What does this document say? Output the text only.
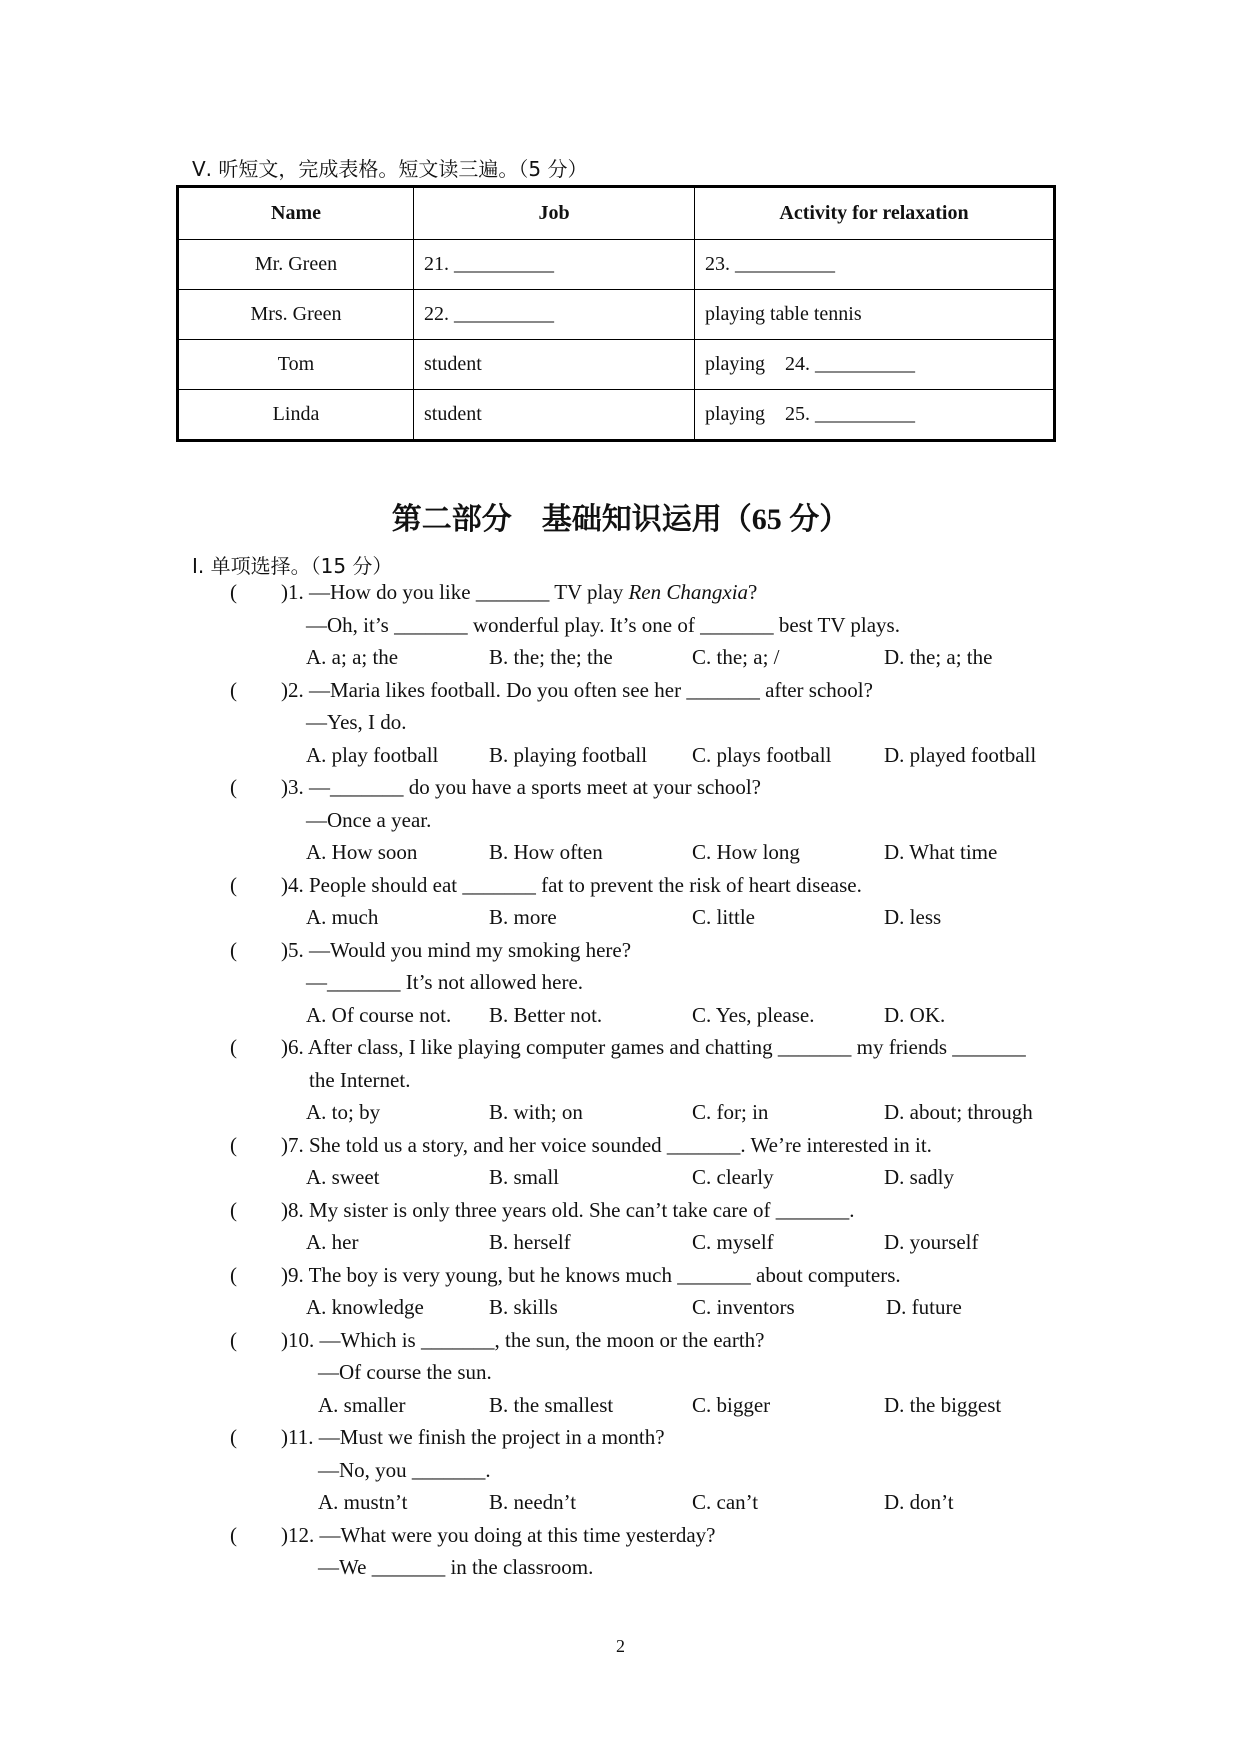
Ⅴ. 听短文，完成表格。短文读三遍。（5 分）
Name	Job	Activity for relaxation
Mr. Green	21. __________	23. __________
Mrs. Green	22. __________	playing table tennis
Tom	student	playing    24. __________
Linda	student	playing    25. __________
第二部分　基础知识运用（65 分）
Ⅰ. 单项选择。（15 分）
( )1. —How do you like _______ TV play Ren Changxia?
—Oh, it’s _______ wonderful play. It’s one of _______ best TV plays.
A. a; a; the	B. the; the; the	C. the; a; /	D. the; a; the
( )2. —Maria likes football. Do you often see her _______ after school?
—Yes, I do.
A. play football B. playing football C. plays football	D. played football
( )3. —_______ do you have a sports meet at your school?
—Once a year.
A. How soon	B. How often	C. How long	D. What time
( )4. People should eat _______ fat to prevent the risk of heart disease.
A. much	B. more	C. little	D. less
( )5. —Would you mind my smoking here?
—_______ It’s not allowed here.
A. Of course not. B. Better not.	C. Yes, please.	D. OK.
( )6. After class, I like playing computer games and chatting _______ my friends _______
the Internet.
A. to; by	B. with; on	C. for; in	D. about; through
( )7. She told us a story, and her voice sounded _______. We’re interested in it.
A. sweet	B. small	C. clearly	D. sadly
( )8. My sister is only three years old. She can’t take care of _______.
A. her	B. herself	C. myself	D. yourself
( )9. The boy is very young, but he knows much _______ about computers.
A. knowledge	B. skills	C. inventors	D. future
( )10. —Which is _______, the sun, the moon or the earth?
—Of course the sun.
A. smaller	B. the smallest	C. bigger	D. the biggest
( )11. —Must we finish the project in a month?
—No, you _______.
A. mustn’t	B. needn’t	C. can’t	D. don’t
( )12. —What were you doing at this time yesterday?
—We _______ in the classroom.
2
